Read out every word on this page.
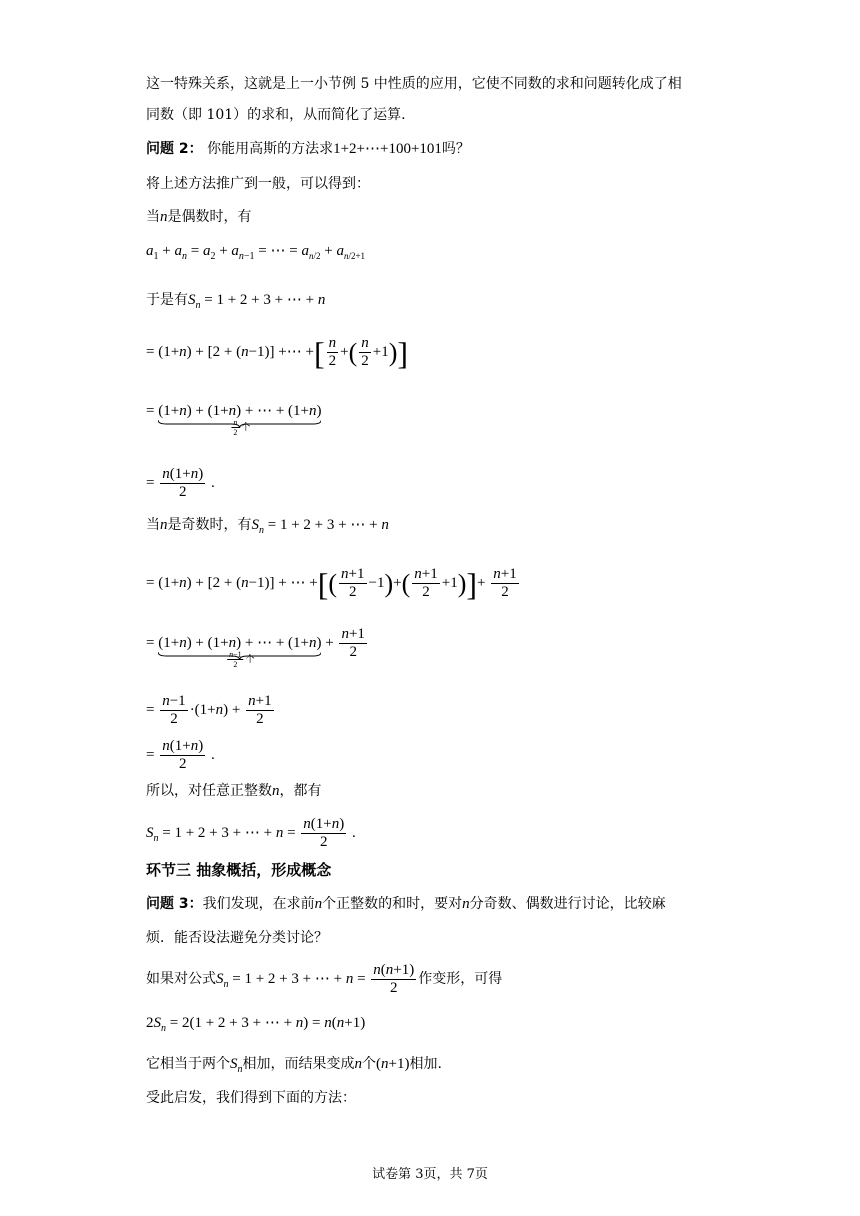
这一特殊关系，这就是上一小节例 5 中性质的应用，它使不同数的求和问题转化成了相
同数（即 101）的求和，从而简化了运算.
问题 2： 你能用高斯的方法求1+2+⋯+100+101吗？
将上述方法推广到一般，可以得到：
当n是偶数时，有
$a_1 + a_n = a_2 + a_{n-1}$ = ⋯ = $a_{n/2} + a_{n/2+1}$
于是有$S_n = 1 + 2 + 3$ + ⋯ + n
= (1+n) + [2 + (n−1)] +⋯ +[ $\frac{n}{2}$ +( $\frac{n}{2} +1$)]
= (1+n) + (1+n) + ⋯ + (1+n)
$\frac{n}{2}$ 个
= $\frac{n(1+n)}{2}$ .
当n是奇数时，有$S_n = 1 + 2 + 3$ + ⋯ + n
= (1+n) + [2 + (n−1)] + ⋯ +[( $\frac{n+1}{2} -1)+( \frac{n+1}{2} +1)]+ \frac{n+1}{2}$
= (1+n) + (1+n) + ⋯ + (1+n)
$\frac{n-1}{2}$ 个
+ $\frac{n+1}{2}$
= $\frac{n-1}{2} \cdot(1+n) + \frac{n+1}{2}$
= $\frac{n(1+n)}{2}$ .
所以，对任意正整数n，都有
$S_n = 1 + 2 + 3$ + ⋯ + $n = \frac{n(1+n)}{2}$ .
环节三 抽象概括，形成概念
问题 3：我们发现，在求前n个正整数的和时，要对n分奇数、偶数进行讨论，比较麻
烦．能否设法避免分类讨论？
如果对公式$S_n = 1 + 2 + 3$ + ⋯ + $n = \frac{n(n+1)}{2}$ 作变形，可得
$2S_n = 2(1 + 2 + 3$ + ⋯ + n) = n(n+1)
它相当于两个$S_n$相加，而结果变成n个(n+1)相加.
受此启发，我们得到下面的方法：
试卷第 3页，共 7页
